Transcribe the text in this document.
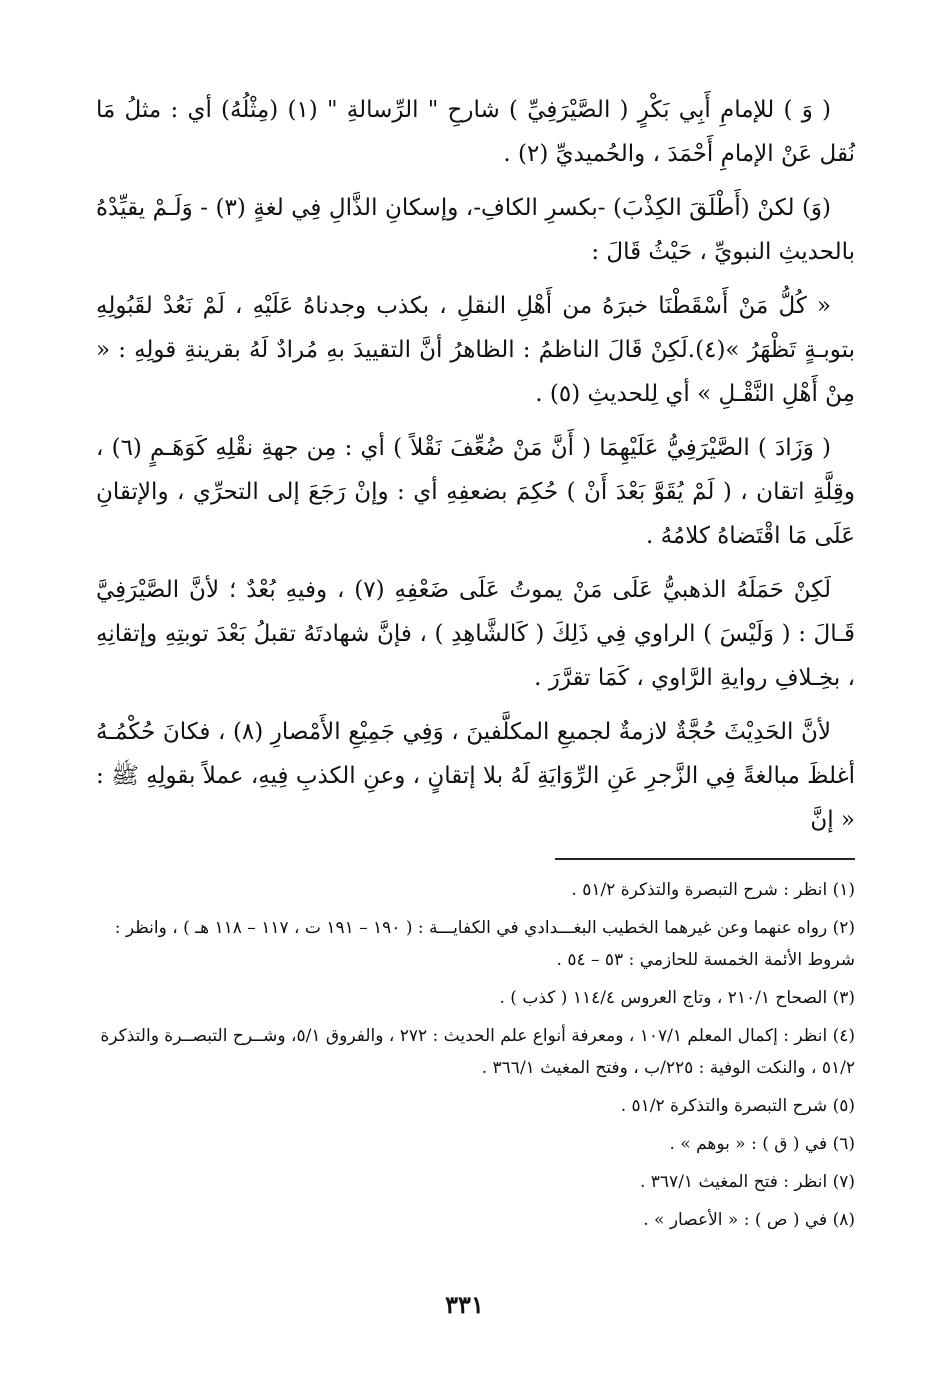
( وَ ) للإمامِ أَبِي بَكْرٍ ( الصَّيْرَفِيِّ ) شارحِ " الرِّسالةِ " (١) (مِثْلُهُ) أي : مثلُ مَا نُقل عَنْ الإمامِ أَحْمَدَ ، والحُميديِّ (٢) .

(وَ) لكنْ (أَطْلَقَ الكِذْبَ) -بكسرِ الكافِ-، وإسكانِ الذَّالِ فِي لغةٍ (٣) - وَلَـمْ يقيِّدْهُ بالحديثِ النبويِّ ، حَيْثُ قَالَ :

« كُلُّ مَنْ أَسْقَطْنَا خبرَهُ من أَهْلِ النقلِ ، بكذب وجدناهُ عَلَيْهِ ، لَمْ نَعُدْ لقَبُولِهِ بتوبـةٍ تَظْهَرُ »(٤).لَكِنْ قَالَ الناظمُ : الظاهرُ أنَّ التقييدَ بهِ مُرادٌ لَهُ بقرينةِ قولِهِ : « مِنْ أَهْلِ النَّقْـلِ » أي لِلحديثِ (٥) .

( وَزَادَ ) الصَّيْرَفِيُّ عَلَيْهِمَا ( أَنَّ مَنْ ضُعِّفَ نَقْلاً ) أي : مِن جهةِ نقْلِهِ كَوَهَـمٍ (٦) ، وقِلَّةِ اتقان ، ( لَمْ يُقَوَّ بَعْدَ أَنْ ) حُكِمَ بضعفِهِ أي : وإنْ رَجَعَ إلى التحرِّي ، والإتقانِ عَلَى مَا اقْتَضاهُ كلامُهُ .

لَكِنْ حَمَلَهُ الذهبيُّ عَلَى مَنْ يموتُ عَلَى ضَعْفِهِ (٧) ، وفيهِ بُعْدٌ ؛ لأنَّ الصَّيْرَفِيَّ قَـالَ : ( وَلَيْسَ ) الراوي فِي ذَلِكَ ( كَالشَّاهِدِ ) ، فإنَّ شهادتَهُ تقبلُ بَعْدَ توبتِهِ وإتقانِهِ ، بخِـلافِ روايةِ الرَّاوي ، كَمَا تقرَّرَ .

لأنَّ الحَدِيْثَ حُجَّةٌ لازمةٌ لجميعِ المكلَّفينَ ، وَفِي جَمِيْعِ الأَمْصارِ (٨) ، فكانَ حُكْمُـهُ أغلظَ مبالغةً فِي الزَّجرِ عَنِ الرِّوَايَةِ لَهُ بلا إتقانٍ ، وعنِ الكذبِ فِيهِ، عملاً بقولِهِ ﷺ : « إنَّ

(١) انظر : شرح التبصرة والتذكرة ٥١/٢ .

(٢) رواه عنهما وعن غيرهما الخطيب البغـــدادي في الكفايـــة : ( ١٩٠ – ١٩١ ت ، ١١٧ – ١١٨ هـ ) ، وانظر : شروط الأئمة الخمسة للحازمي : ٥٣ – ٥٤ .

(٣) الصحاح ٢١٠/١ ، وتاج العروس ١١٤/٤ ( كذب ) .

(٤) انظر : إكمال المعلم ١٠٧/١ ، ومعرفة أنواع علم الحديث : ٢٧٢ ، والفروق ٥/١، وشــرح التبصــرة والتذكرة ٥١/٢ ، والنكت الوفية : ٢٢٥/ب ، وفتح المغيث ٣٦٦/١ .

(٥) شرح التبصرة والتذكرة ٥١/٢ .

(٦) في ( ق ) : « بوهم » .

(٧) انظر : فتح المغيث ٣٦٧/١ .

(٨) في ( ص ) : « الأعصار » .

٣٣١
